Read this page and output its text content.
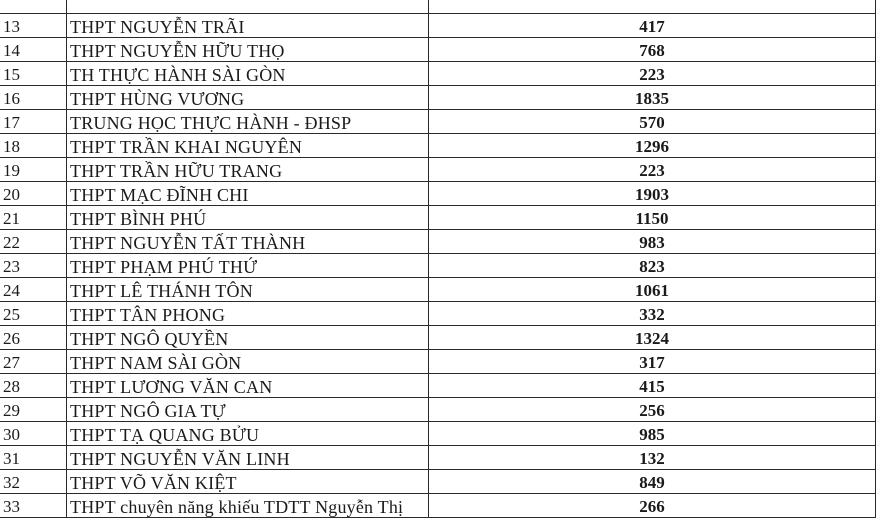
13	THPT NGUYỄN TRÃI	417
14	THPT NGUYỄN HỮU THỌ	768
15	TH THỰC HÀNH SÀI GÒN	223
16	THPT HÙNG VƯƠNG	1835
17	TRUNG HỌC THỰC HÀNH - ĐHSP	570
18	THPT TRẦN KHAI NGUYÊN	1296
19	THPT TRẦN HỮU TRANG	223
20	THPT MẠC ĐĨNH CHI	1903
21	THPT BÌNH PHÚ	1150
22	THPT NGUYỄN TẤT THÀNH	983
23	THPT PHẠM PHÚ THỨ	823
24	THPT LÊ THÁNH TÔN	1061
25	THPT TÂN PHONG	332
26	THPT NGÔ QUYỀN	1324
27	THPT NAM SÀI GÒN	317
28	THPT LƯƠNG VĂN CAN	415
29	THPT NGÔ GIA TỰ	256
30	THPT TẠ QUANG BỬU	985
31	THPT NGUYỄN VĂN LINH	132
32	THPT VÕ VĂN KIỆT	849
33	THPT chuyên năng khiếu TDTT Nguyễn Thị	266
